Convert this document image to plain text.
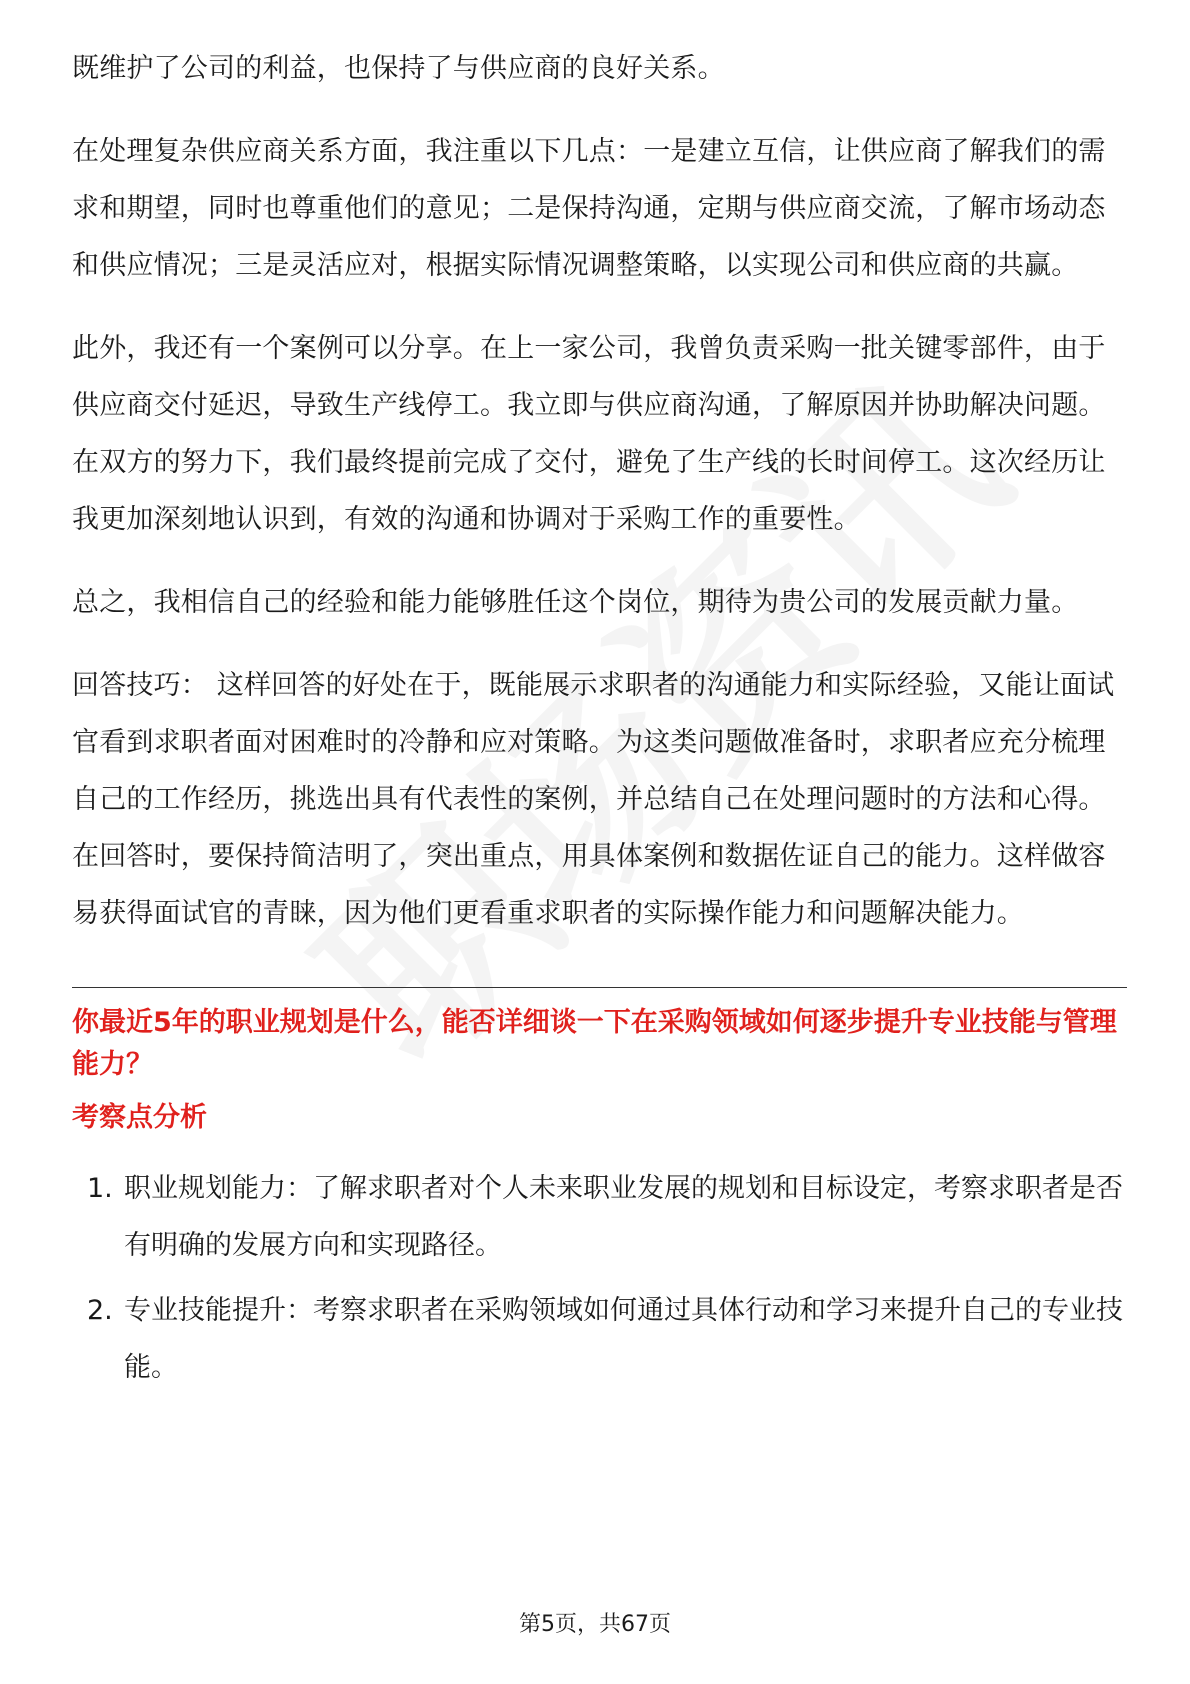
既维护了公司的利益，也保持了与供应商的良好关系。

在处理复杂供应商关系方面，我注重以下几点：一是建立互信，让供应商了解我们的需求和期望，同时也尊重他们的意见；二是保持沟通，定期与供应商交流，了解市场动态和供应情况；三是灵活应对，根据实际情况调整策略，以实现公司和供应商的共赢。

此外，我还有一个案例可以分享。在上一家公司，我曾负责采购一批关键零部件，由于供应商交付延迟，导致生产线停工。我立即与供应商沟通，了解原因并协助解决问题。在双方的努力下，我们最终提前完成了交付，避免了生产线的长时间停工。这次经历让我更加深刻地认识到，有效的沟通和协调对于采购工作的重要性。

总之，我相信自己的经验和能力能够胜任这个岗位，期待为贵公司的发展贡献力量。

回答技巧： 这样回答的好处在于，既能展示求职者的沟通能力和实际经验，又能让面试官看到求职者面对困难时的冷静和应对策略。为这类问题做准备时，求职者应充分梳理自己的工作经历，挑选出具有代表性的案例，并总结自己在处理问题时的方法和心得。在回答时，要保持简洁明了，突出重点，用具体案例和数据佐证自己的能力。这样做容易获得面试官的青睐，因为他们更看重求职者的实际操作能力和问题解决能力。

你最近5年的职业规划是什么，能否详细谈一下在采购领域如何逐步提升专业技能与管理能力？
考察点分析
1. 职业规划能力：了解求职者对个人未来职业发展的规划和目标设定，考察求职者是否有明确的发展方向和实现路径。
2. 专业技能提升：考察求职者在采购领域如何通过具体行动和学习来提升自己的专业技能。
第5页，共67页
